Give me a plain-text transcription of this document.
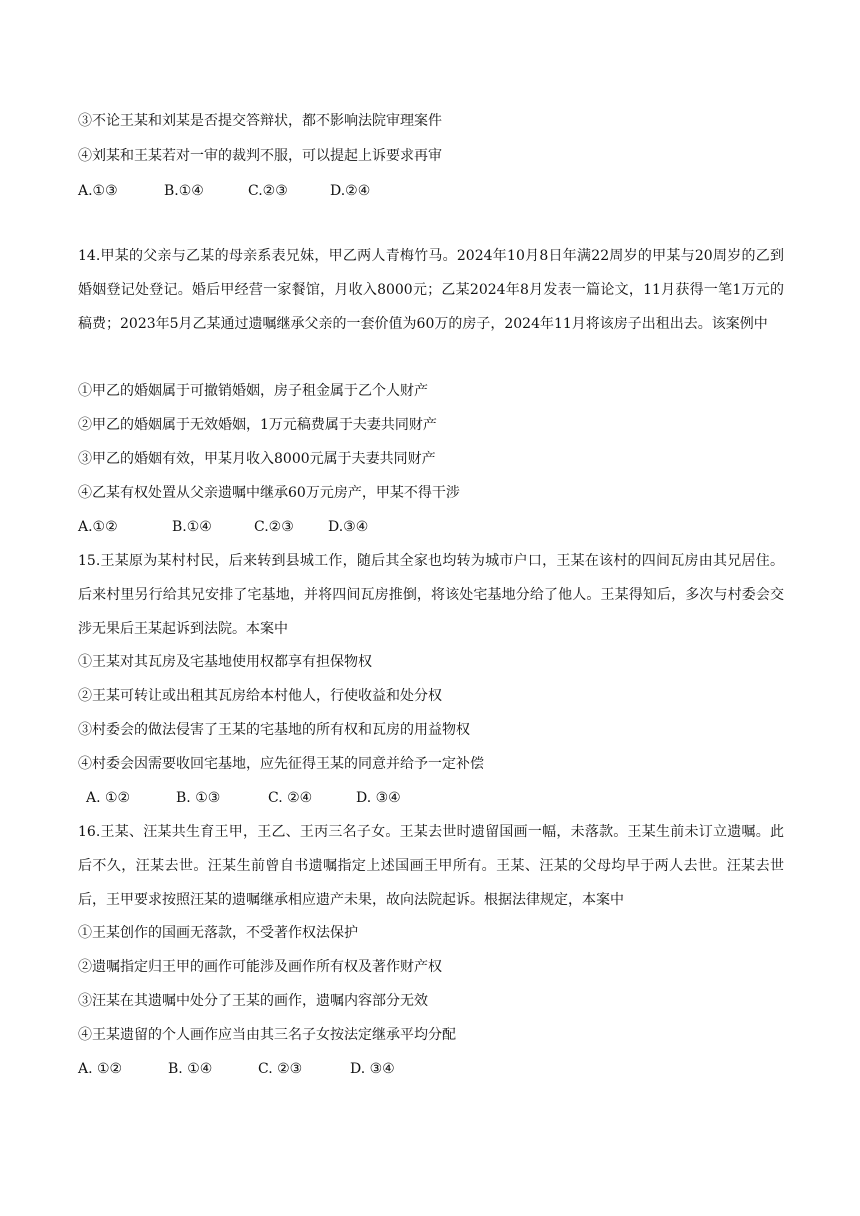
③不论王某和刘某是否提交答辩状，都不影响法院审理案件
④刘某和王某若对一审的裁判不服，可以提起上诉要求再审
A.①③	B.①④	C.②③	D.②④
14.甲某的父亲与乙某的母亲系表兄妹，甲乙两人青梅竹马。2024年10月8日年满22周岁的甲某与20周岁的乙到婚姻登记处登记。婚后甲经营一家餐馆，月收入8000元；乙某2024年8月发表一篇论文，11月获得一笔1万元的稿费；2023年5月乙某通过遗嘱继承父亲的一套价值为60万的房子，2024年11月将该房子出租出去。该案例中
①甲乙的婚姻属于可撤销婚姻，房子租金属于乙个人财产
②甲乙的婚姻属于无效婚姻，1万元稿费属于夫妻共同财产
③甲乙的婚姻有效，甲某月收入8000元属于夫妻共同财产
④乙某有权处置从父亲遗嘱中继承60万元房产，甲某不得干涉
A.①②	B.①④	C.②③ D.③④
15.王某原为某村村民，后来转到县城工作，随后其全家也均转为城市户口，王某在该村的四间瓦房由其兄居住。后来村里另行给其兄安排了宅基地，并将四间瓦房推倒，将该处宅基地分给了他人。王某得知后，多次与村委会交涉无果后王某起诉到法院。本案中
①王某对其瓦房及宅基地使用权都享有担保物权
②王某可转让或出租其瓦房给本村他人，行使收益和处分权
③村委会的做法侵害了王某的宅基地的所有权和瓦房的用益物权
④村委会因需要收回宅基地，应先征得王某的同意并给予一定补偿
A. ①②	B. ①③	C. ②④	D. ③④
16.王某、汪某共生育王甲，王乙、王丙三名子女。王某去世时遗留国画一幅，未落款。王某生前未订立遗嘱。此后不久，汪某去世。汪某生前曾自书遗嘱指定上述国画王甲所有。王某、汪某的父母均早于两人去世。汪某去世后，王甲要求按照汪某的遗嘱继承相应遗产未果，故向法院起诉。根据法律规定，本案中
①王某创作的国画无落款，不受著作权法保护
②遗嘱指定归王甲的画作可能涉及画作所有权及著作财产权
③汪某在其遗嘱中处分了王某的画作，遗嘱内容部分无效
④王某遗留的个人画作应当由其三名子女按法定继承平均分配
A. ①②	B. ①④	C. ②③	D. ③④
